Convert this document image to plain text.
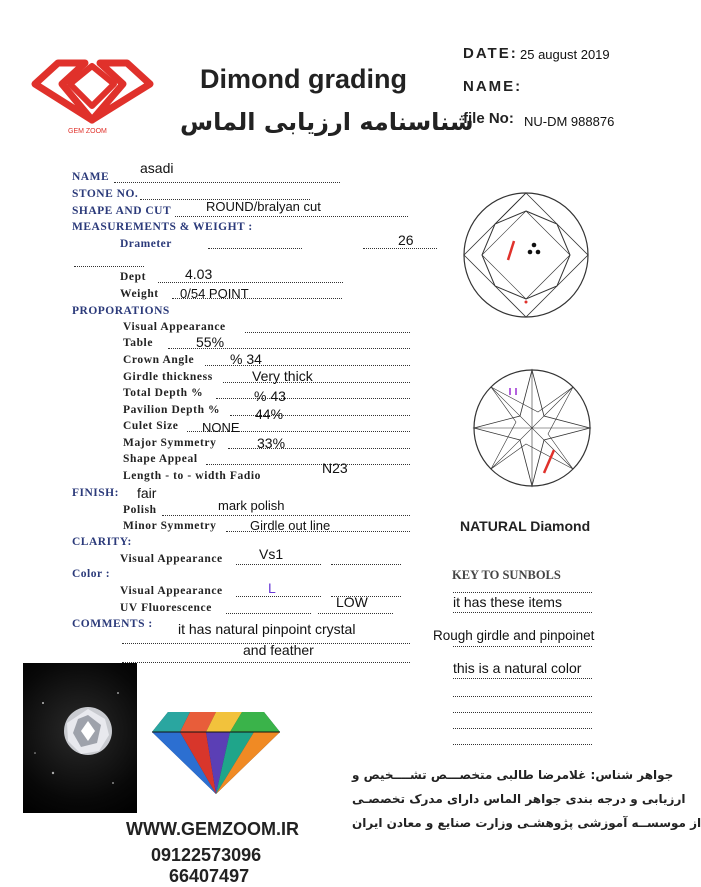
GEM ZOOM
Dimond grading
شناسنامه ارزیابی الماس
DATE: 25 august 2019
NAME:
file No: NU-DM 988876
NAME
asadi
STONE NO.
SHAPE AND CUT	ROUND/bralyan cut
MEASUREMENTS & WEIGHT :
Drameter	26
Dept	4.03
Weight 0/54 POINT
PROPORATIONS
Visual Appearance
Table	55%
Crown Angle	% 34
Girdle thickness	Very thick
Total Depth %	% 43
Pavilion Depth % 44%
Culet Size NONE
Major Symmetry	33%
Shape Appeal
Length - to - width Fadio	N23
FINISH: fair
Polish	mark polish
Minor Symmetry	Girdle out line
CLARITY:
Visual Appearance	Vs1
Color :
Visual Appearance	L
UV Fluorescence	LOW
COMMENTS : it has natural pinpoint crystal
and feather
NATURAL Diamond
KEY TO SUNBOLS
it has these items
Rough girdle and pinpoinet
this is a natural color
جواهر شناس: غلامرضا طالبی متخصـــص تشــــخیص و
ارزیابی و درجه بندی جواهر الماس دارای مدرک تخصصـی
از موسســه آموزشی پژوهشـی وزارت صنایع و معادن ایران
WWW.GEMZOOM.IR
09122573096
66407497
